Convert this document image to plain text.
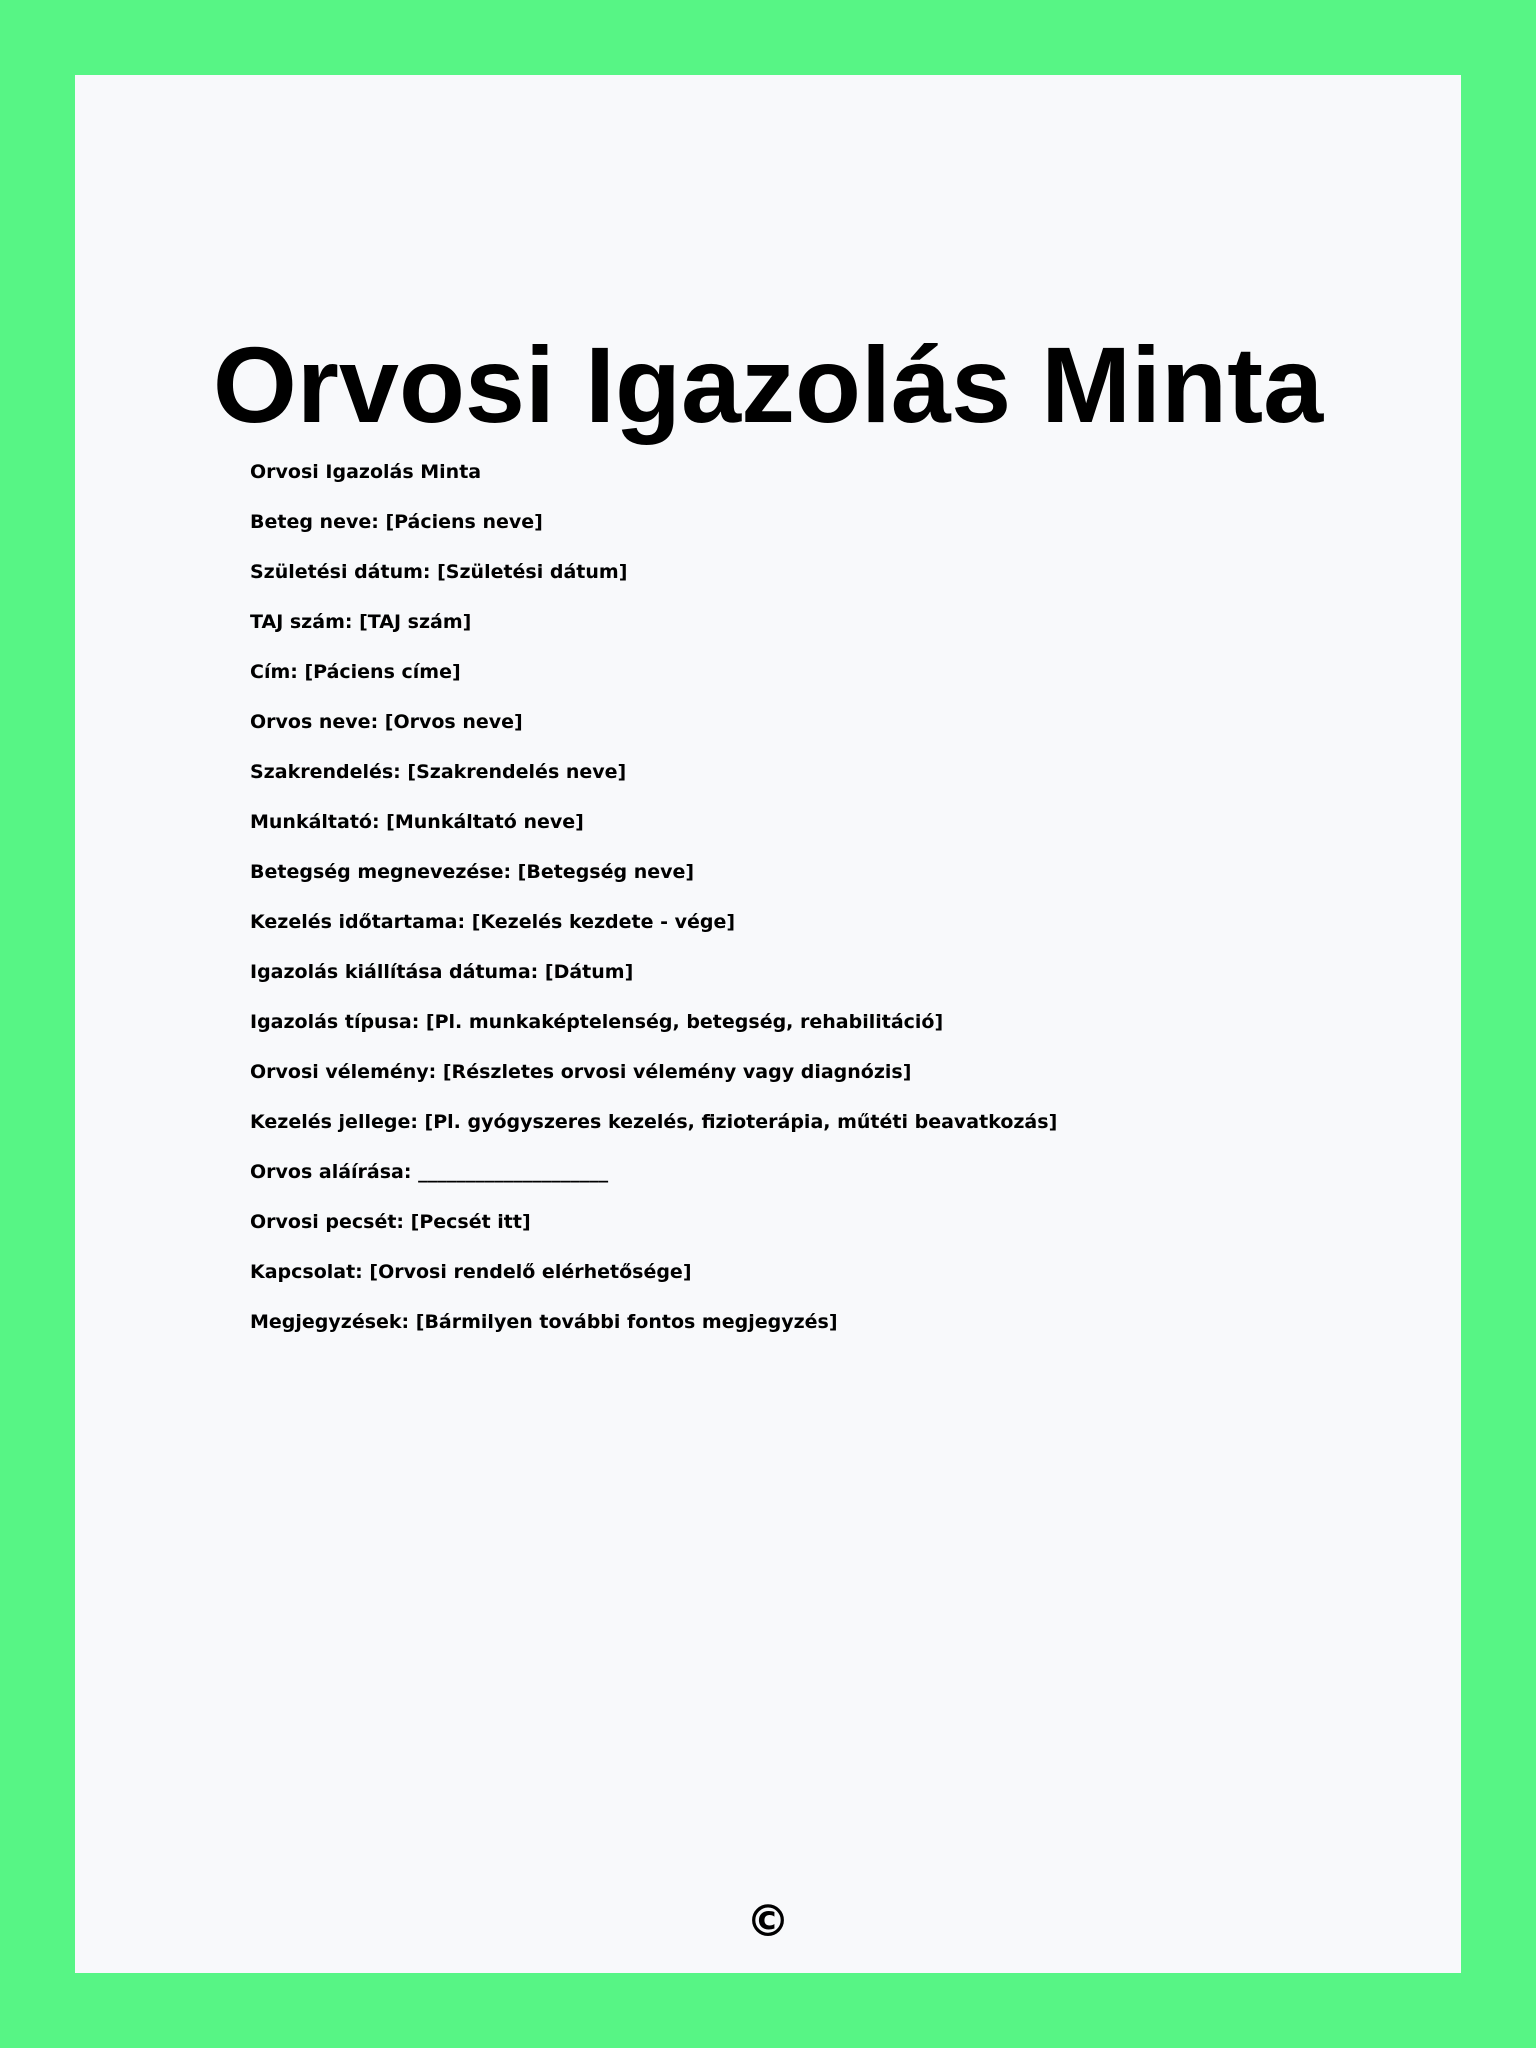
Orvosi Igazolás Minta
Orvosi Igazolás Minta
Beteg neve: [Páciens neve]
Születési dátum: [Születési dátum]
TAJ szám: [TAJ szám]
Cím: [Páciens címe]
Orvos neve: [Orvos neve]
Szakrendelés: [Szakrendelés neve]
Munkáltató: [Munkáltató neve]
Betegség megnevezése: [Betegség neve]
Kezelés időtartama: [Kezelés kezdete - vége]
Igazolás kiállítása dátuma: [Dátum]
Igazolás típusa: [Pl. munkaképtelenség, betegség, rehabilitáció]
Orvosi vélemény: [Részletes orvosi vélemény vagy diagnózis]
Kezelés jellege: [Pl. gyógyszeres kezelés, fizioterápia, műtéti beavatkozás]
Orvos aláírása: ____________________
Orvosi pecsét: [Pecsét itt]
Kapcsolat: [Orvosi rendelő elérhetősége]
Megjegyzések: [Bármilyen további fontos megjegyzés]
©
